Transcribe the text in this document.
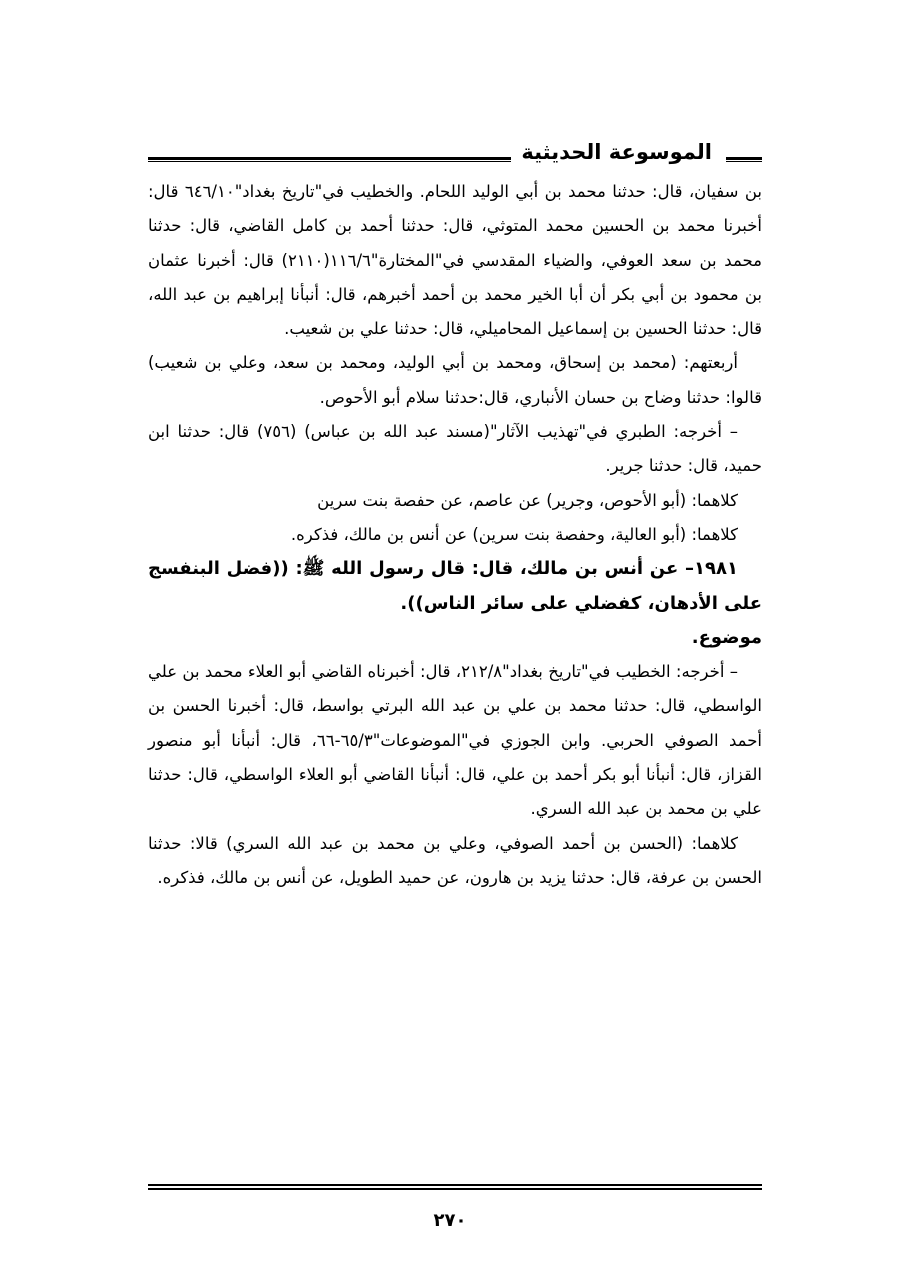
الموسوعة الحديثية

بن سفيان، قال: حدثنا محمد بن أبي الوليد اللحام. والخطيب في"تاريخ بغداد"٦٤٦/١٠ قال: أخبرنا محمد بن الحسين محمد المتوثي، قال: حدثنا أحمد بن كامل القاضي، قال: حدثنا محمد بن سعد العوفي، والضياء المقدسي في"المختارة"١١٦/٦(٢١١٠) قال: أخبرنا عثمان بن محمود بن أبي بكر أن أبا الخير محمد بن أحمد أخبرهم، قال: أنبأنا إبراهيم بن عبد الله، قال: حدثنا الحسين بن إسماعيل المحاميلي، قال: حدثنا علي بن شعيب.

أربعتهم: (محمد بن إسحاق، ومحمد بن أبي الوليد، ومحمد بن سعد، وعلي بن شعيب) قالوا: حدثنا وضاح بن حسان الأنباري، قال:حدثنا سلام أبو الأحوص.

– أخرجه: الطبري في"تهذيب الآثار"(مسند عبد الله بن عباس) (٧٥٦) قال: حدثنا ابن حميد، قال: حدثنا جرير.

كلاهما: (أبو الأحوص، وجرير) عن عاصم، عن حفصة بنت سرين

كلاهما: (أبو العالية، وحفصة بنت سرين) عن أنس بن مالك، فذكره.

١٩٨١– عن أنس بن مالك، قال: قال رسول الله ﷺ: ((فضل البنفسج على الأدهان، كفضلي على سائر الناس)).

موضوع.

– أخرجه: الخطيب في"تاريخ بغداد"٢١٢/٨، قال: أخبرناه القاضي أبو العلاء محمد بن علي الواسطي، قال: حدثنا محمد بن علي بن عبد الله البرتي بواسط، قال: أخبرنا الحسن بن أحمد الصوفي الحربي. وابن الجوزي في"الموضوعات"٦٥/٣-٦٦، قال: أنبأنا أبو منصور القزاز، قال: أنبأنا أبو بكر أحمد بن علي، قال: أنبأنا القاضي أبو العلاء الواسطي، قال: حدثنا علي بن محمد بن عبد الله السري.

كلاهما: (الحسن بن أحمد الصوفي، وعلي بن محمد بن عبد الله السري) قالا: حدثنا الحسن بن عرفة، قال: حدثنا يزيد بن هارون، عن حميد الطويل، عن أنس بن مالك، فذكره.

٢٧٠
